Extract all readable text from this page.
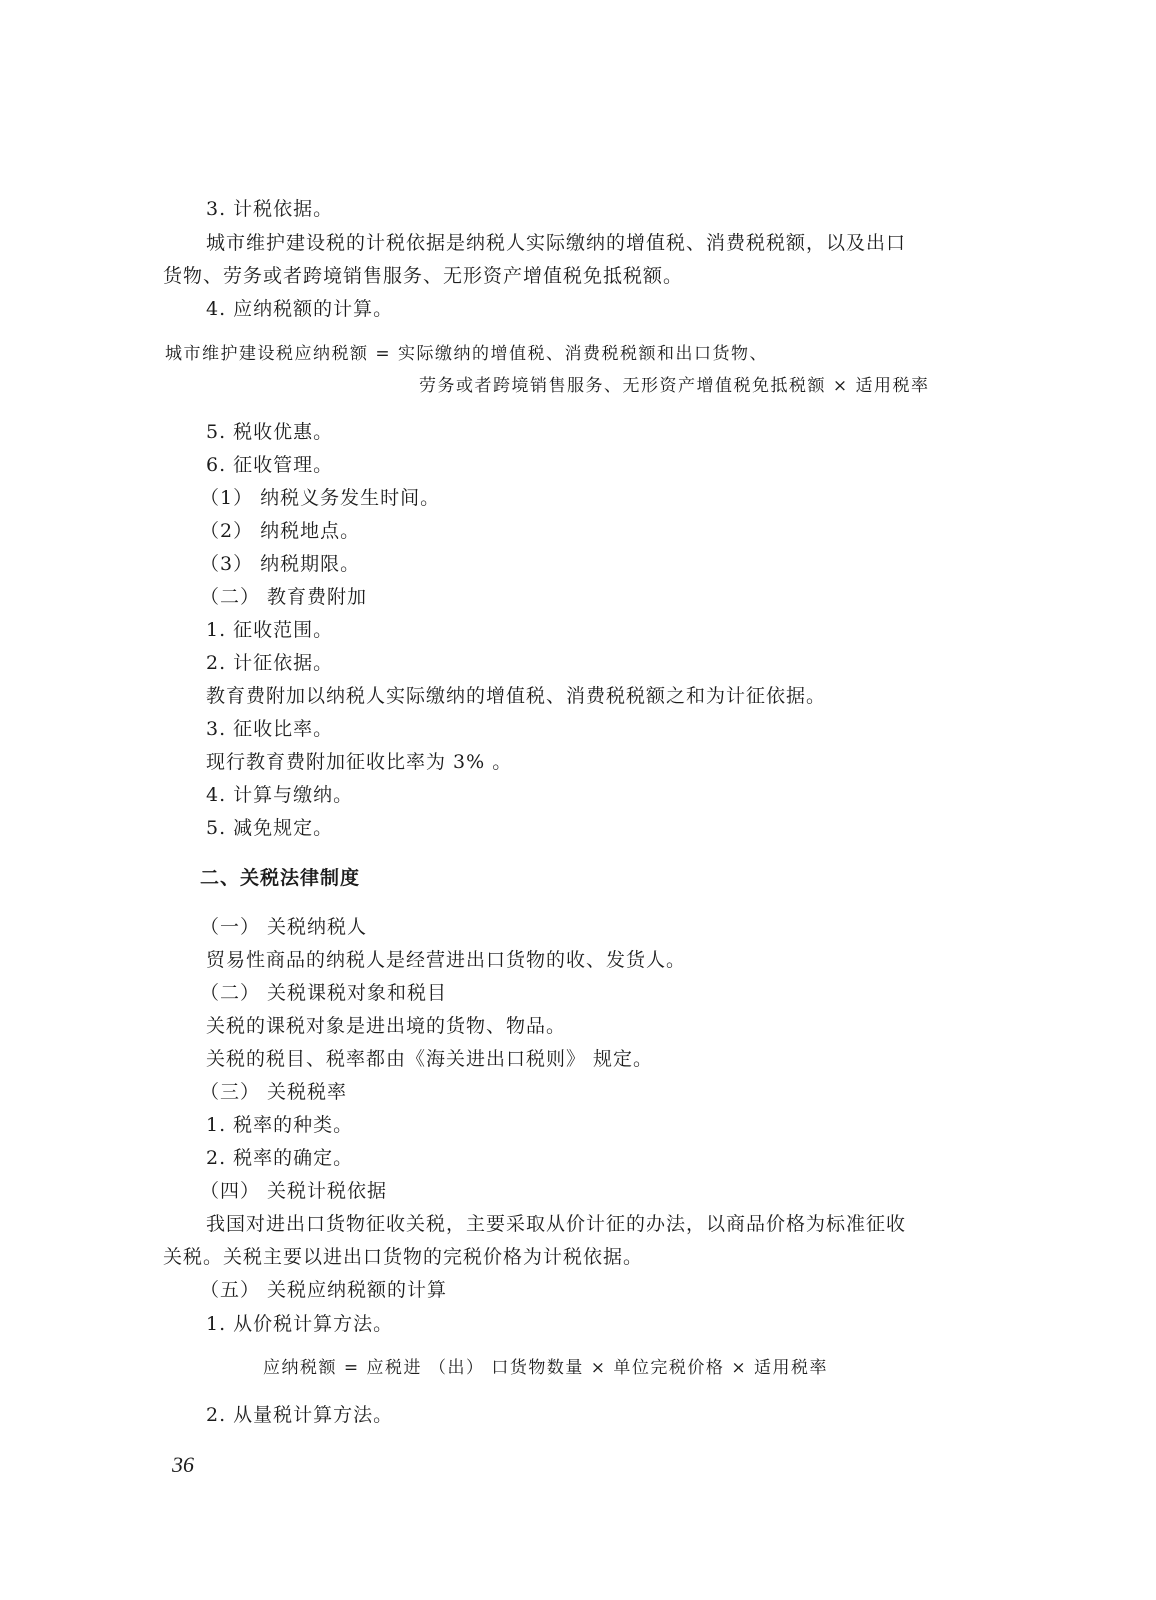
3. 计税依据。
城市维护建设税的计税依据是纳税人实际缴纳的增值税、消费税税额，以及出口
货物、劳务或者跨境销售服务、无形资产增值税免抵税额。
4. 应纳税额的计算。
城市维护建设税应纳税额 = 实际缴纳的增值税、消费税税额和出口货物、
劳务或者跨境销售服务、无形资产增值税免抵税额 × 适用税率
5. 税收优惠。
6. 征收管理。
（1） 纳税义务发生时间。
（2） 纳税地点。
（3） 纳税期限。
（二） 教育费附加
1. 征收范围。
2. 计征依据。
教育费附加以纳税人实际缴纳的增值税、消费税税额之和为计征依据。
3. 征收比率。
现行教育费附加征收比率为 3% 。
4. 计算与缴纳。
5. 减免规定。
二、关税法律制度
（一） 关税纳税人
贸易性商品的纳税人是经营进出口货物的收、发货人。
（二） 关税课税对象和税目
关税的课税对象是进出境的货物、物品。
关税的税目、税率都由《海关进出口税则》 规定。
（三） 关税税率
1. 税率的种类。
2. 税率的确定。
（四） 关税计税依据
我国对进出口货物征收关税，主要采取从价计征的办法，以商品价格为标准征收
关税。关税主要以进出口货物的完税价格为计税依据。
（五） 关税应纳税额的计算
1. 从价税计算方法。
应纳税额 = 应税进 （出） 口货物数量 × 单位完税价格 × 适用税率
2. 从量税计算方法。
36
